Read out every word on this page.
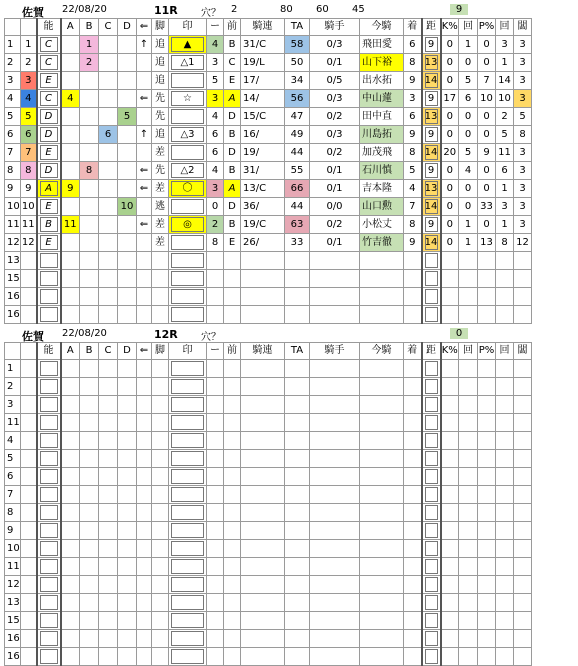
佐賀 22/08/20	11R 穴？ 2	80 60 45	9
		能	A	B	C	D	⇐	脚	印	ー	前	騎連	TA	騎手	今騎	着	距	K%	回	P%	回	闆
1	1	C		1			↑	追	▲	4	B	31/C	58	0/3	飛田愛	6	9	0	1	0	3	3
2	2	C		2				追	△1	3	C	19/L	50	0/1	山下裕	8	13	0	0	0	1	3
3	3	E						追		5	E	17/	34	0/5	出水拓	9	14	0	5	7	14	3
4	4	C	4				⇐	先	☆	3	A	14/	56	0/3	中山蓮	3	9	17	6	10	10	3
5	5	D				5		先		4	D	15/C	47	0/2	田中直	6	13	0	0	0	2	5
6	6	D			6		↑	追	△3	6	B	16/	49	0/3	川島拓	9	9	0	0	0	5	8
7	7	E						差		6	D	19/	44	0/2	加茂飛	8	14	20	5	9	11	3
8	8	D		8			⇐	先	△2	4	B	31/	55	0/1	石川慎	5	9	0	4	0	6	3
9	9	A	9				⇐	差	〇	3	A	13/C	66	0/1	吉本隆	4	13	0	0	0	1	3
10	10	E				10		逃		0	D	36/	44	0/0	山口勲	7	14	0	0	33	3	3
11	11	B	11				⇐	差	◎	2	B	19/C	63	0/2	小松丈	8	9	0	1	0	1	3
12	12	E						差		8	E	26/	33	0/1	竹吉徹	9	14	0	1	13	8	12
13		

15		

16		

16		

佐賀 22/08/20	12R 穴？	0
		能	A	B	C	D	⇐	脚	印	ー	前	騎連	TA	騎手	今騎	着	距	K%	回	P%	回	闆
1		

2		

3		

11		

4		

5		

6		

7		

8		

9		

10		

11		

12		

13		

15		

16		

16		
